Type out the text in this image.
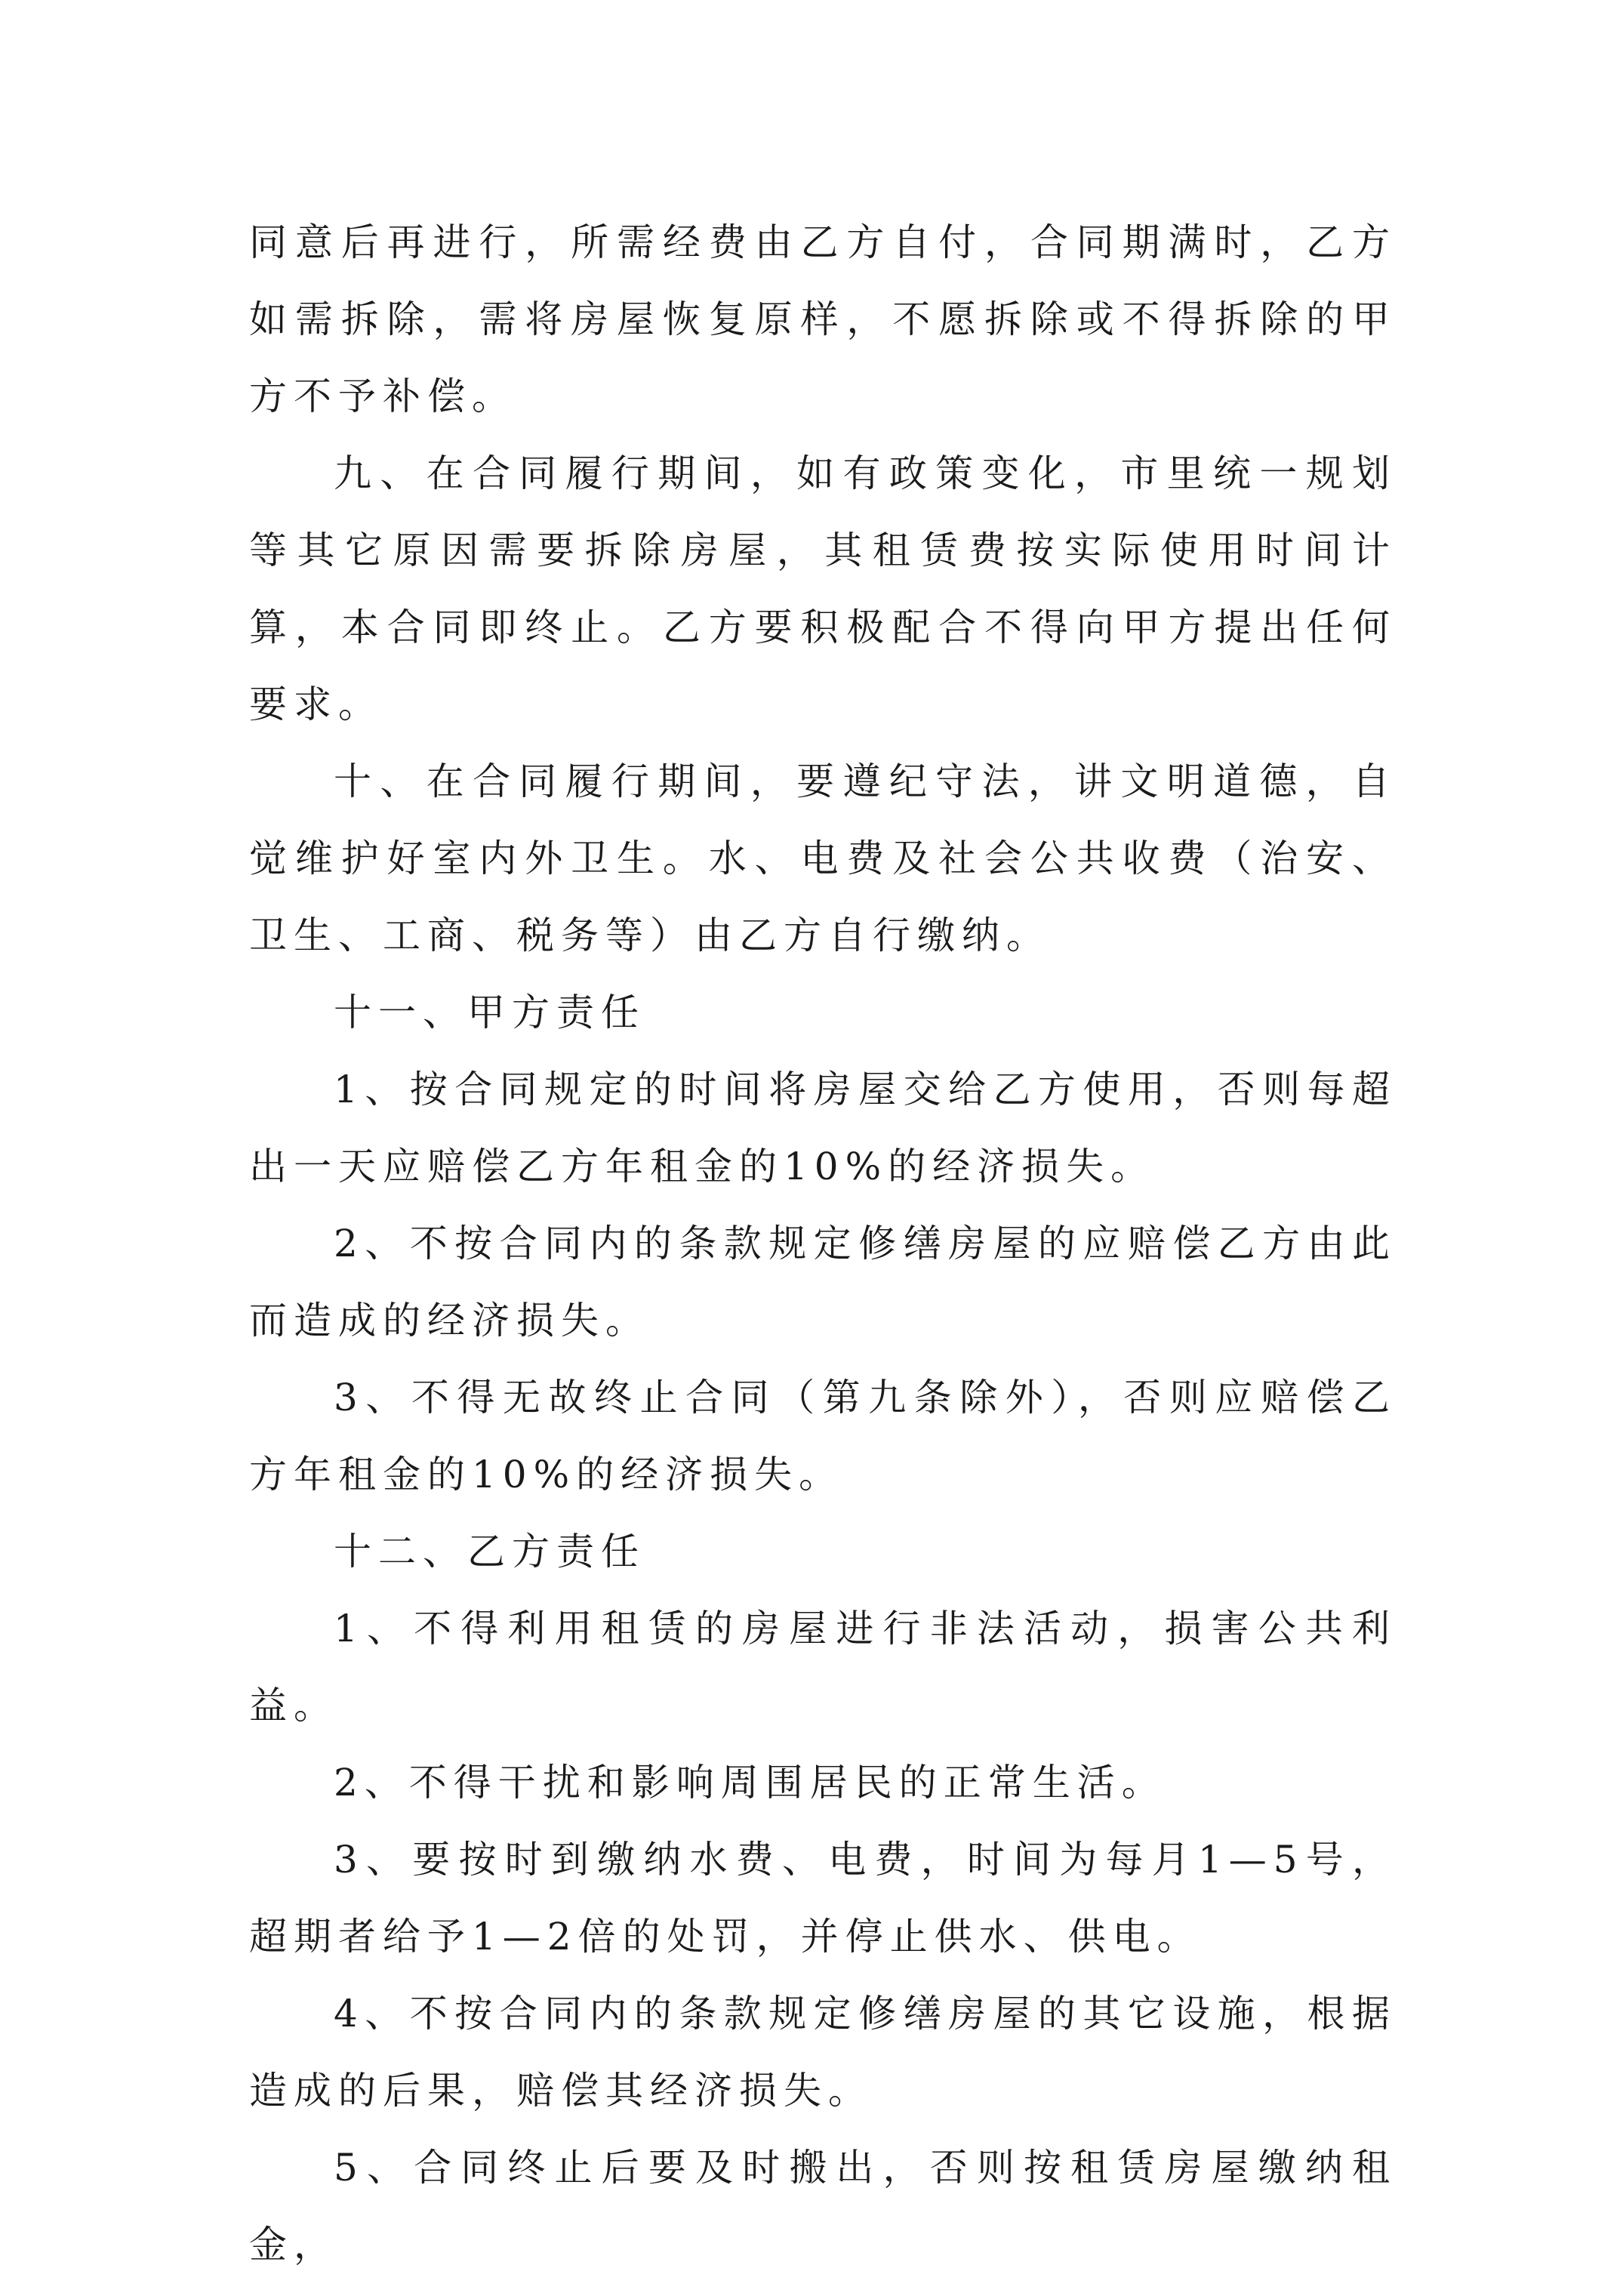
同意后再进行，所需经费由乙方自付，合同期满时，乙方如需拆除，需将房屋恢复原样，不愿拆除或不得拆除的甲方不予补偿。

九、在合同履行期间，如有政策变化，市里统一规划等其它原因需要拆除房屋，其租赁费按实际使用时间计算，本合同即终止。乙方要积极配合不得向甲方提出任何要求。

十、在合同履行期间，要遵纪守法，讲文明道德，自觉维护好室内外卫生。水、电费及社会公共收费（治安、卫生、工商、税务等）由乙方自行缴纳。

十一、甲方责任

1、按合同规定的时间将房屋交给乙方使用，否则每超出一天应赔偿乙方年租金的10%的经济损失。

2、不按合同内的条款规定修缮房屋的应赔偿乙方由此而造成的经济损失。

3、不得无故终止合同（第九条除外），否则应赔偿乙方年租金的10%的经济损失。

十二、乙方责任

1、不得利用租赁的房屋进行非法活动，损害公共利益。

2、不得干扰和影响周围居民的正常生活。

3、要按时到缴纳水费、电费，时间为每月1—5号，超期者给予1—2倍的处罚，并停止供水、供电。

4、不按合同内的条款规定修缮房屋的其它设施，根据造成的后果，赔偿其经济损失。

5、合同终止后要及时搬出，否则按租赁房屋缴纳租金，
